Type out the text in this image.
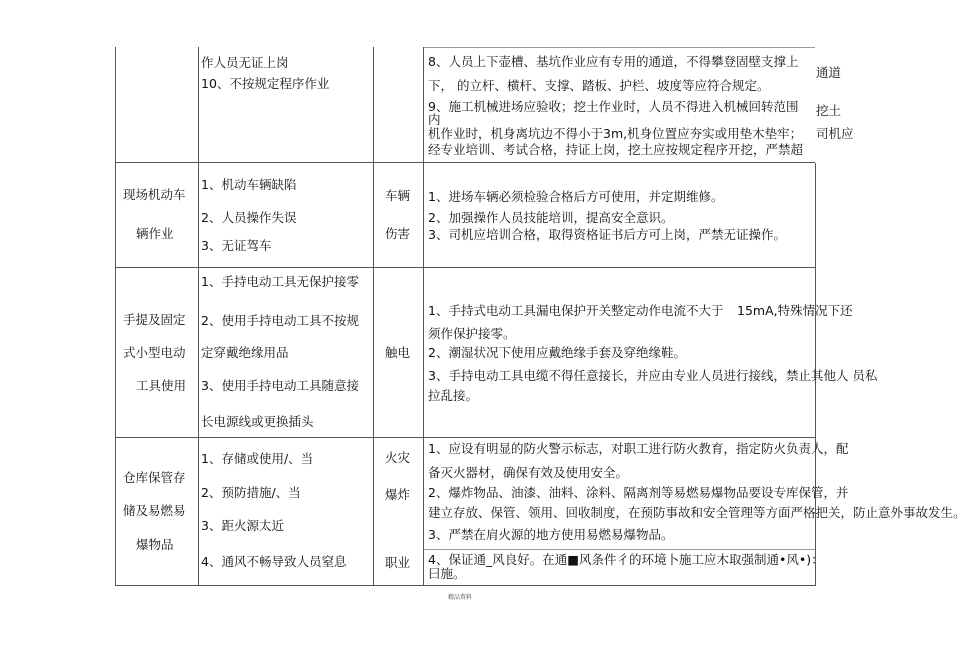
作人员无证上岗
10、不按规定程序作业
8、人员上下壶槽、基坑作业应有专用的通道，不得攀登固壁支撑上
下， 的立杆、横杆、支撑、踏板、护栏、坡度等应符合规定。
9、施工机械进场应验收；挖土作业时，人员不得进入机械回转范围
内
机作业时，机身离坑边不得小于3m,机身位置应夯实或用垫木垫牢；
经专业培训、考试合格，持证上岗，挖土应按规定程序开挖，严禁超
通道
挖土
司机应
现场机动车
辆作业
1、机动车辆缺陷
2、人员操作失误
3、无证驾车
车辆
伤害
1、进场车辆必须检验合格后方可使用，并定期维修。
2、加强操作人员技能培训，提高安全意识。
3、司机应培训合格，取得资格证书后方可上岗，严禁无证操作。
手提及固定
式小型电动
工具使用
1、手持电动工具无保护接零
2、使用手持电动工具不按规
定穿戴绝缘用品
3、使用手持电动工具随意接
长电源线或更换插头
触电
1、手持式电动工具漏电保护开关整定动作电流不大于 15mA,特殊情况下还
须作保护接零。
2、潮湿状况下使用应戴绝缘手套及穿绝缘鞋。
3、手持电动工具电缆不得任意接长，并应由专业人员进行接线，禁止其他人 员私
拉乱接。
仓库保管存
储及易燃易
爆物品
1、存储或使用/、当
2、预防措施/、当
3、距火源太近
4、通风不畅导致人员窒息
火灾
爆炸
职业
1、应设有明显的防火警示标志，对职工进行防火教育，指定防火负责人，配
备灭火器材，确保有效及使用安全。
2、爆炸物品、油漆、油料、涂料、隔离剂等易燃易爆物品要设专库保管，并
建立存放、保管、领用、回收制度，在预防事故和安全管理等方面严格把关，防止意外事故发生。
3、严禁在肩火源的地方使用易燃易爆物品。
4、保证通_风良好。在通■风条件彳的环境卜施工应木取强制通•风•)：
曰施。
精品资料
